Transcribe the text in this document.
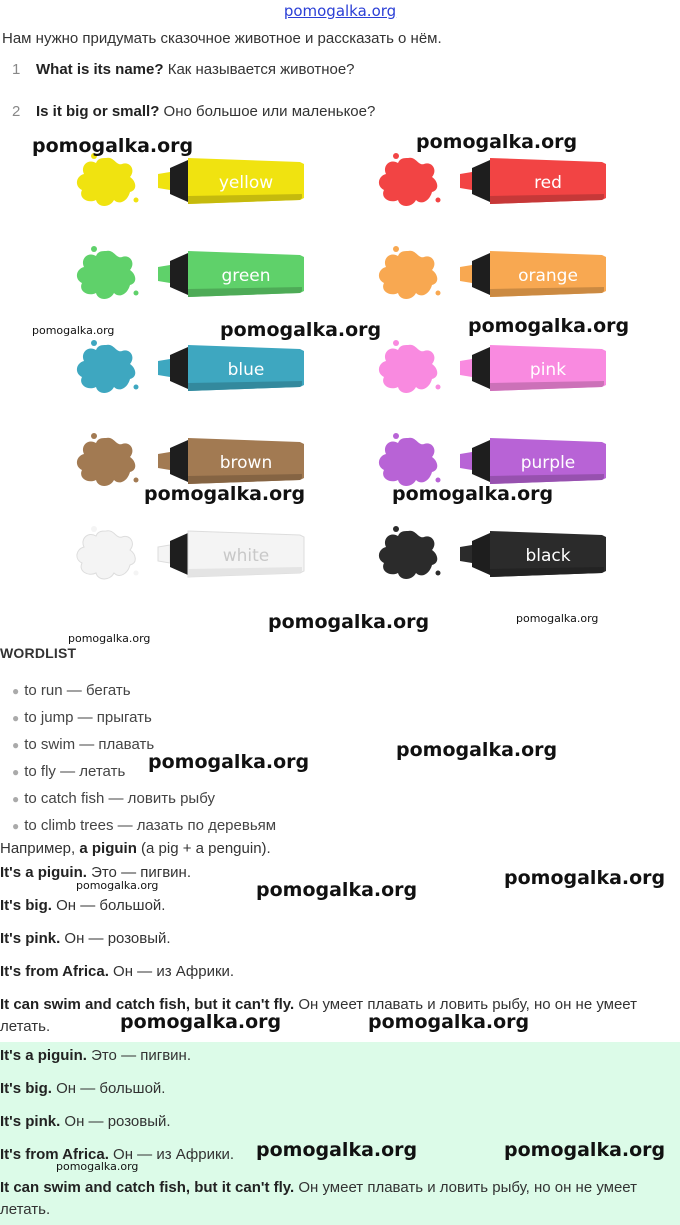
pomogalka.org
Нам нужно придумать сказочное животное и рассказать о нём.
1 What is its name? Как называется животное?
2 Is it big or small? Оно большое или маленькое?
yellow	red
green	orange
blue	pink
brown	purple
white	black
WORDLIST
● to run — бегать
● to jump — прыгать
● to swim — плавать
● to fly — летать
● to catch fish — ловить рыбу
● to climb trees — лазать по деревьям
Например, a piguin (a pig + a penguin).
It's a piguin. Это — пигвин.
It's big. Он — большой.
It's pink. Он — розовый.
It's from Africa. Он — из Африки.
It can swim and catch fish, but it can't fly. Он умеет плавать и ловить рыбу, но он не умеет летать.
It's a piguin. Это — пигвин.
It's big. Он — большой.
It's pink. Он — розовый.
It's from Africa. Он — из Африки.
It can swim and catch fish, but it can't fly. Он умеет плавать и ловить рыбу, но он не умеет летать.
pomogalka.org	pomogalka.org
pomogalka.org	pomogalka.org	pomogalka.org
pomogalka.org	pomogalka.org
pomogalka.org	pomogalka.org
pomogalka.org
pomogalka.org
pomogalka.org
pomogalka.org
pomogalka.org	pomogalka.org
pomogalka.org	pomogalka.org
pomogalka.org	pomogalka.org
pomogalka.org
